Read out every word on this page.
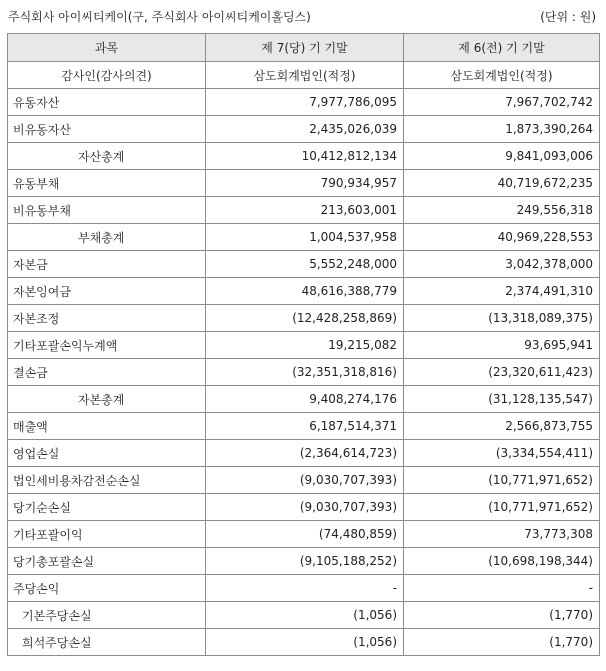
주식회사 아이씨티케이(구, 주식회사 아이씨티케이홀딩스)	(단위 : 원)
과목	제 7(당) 기 기말	제 6(전) 기 기말
감사인(감사의견)	삼도회계법인(적정)	삼도회계법인(적정)
유동자산	7,977,786,095	7,967,702,742
비유동자산	2,435,026,039	1,873,390,264
자산총계	10,412,812,134	9,841,093,006
유동부채	790,934,957	40,719,672,235
비유동부채	213,603,001	249,556,318
부채총계	1,004,537,958	40,969,228,553
자본금	5,552,248,000	3,042,378,000
자본잉여금	48,616,388,779	2,374,491,310
자본조정	(12,428,258,869)	(13,318,089,375)
기타포괄손익누계액	19,215,082	93,695,941
결손금	(32,351,318,816)	(23,320,611,423)
자본총계	9,408,274,176	(31,128,135,547)
매출액	6,187,514,371	2,566,873,755
영업손실	(2,364,614,723)	(3,334,554,411)
법인세비용차감전순손실	(9,030,707,393)	(10,771,971,652)
당기순손실	(9,030,707,393)	(10,771,971,652)
기타포괄이익	(74,480,859)	73,773,308
당기총포괄손실	(9,105,188,252)	(10,698,198,344)
주당손익	-	-
기본주당손실	(1,056)	(1,770)
희석주당손실	(1,056)	(1,770)
